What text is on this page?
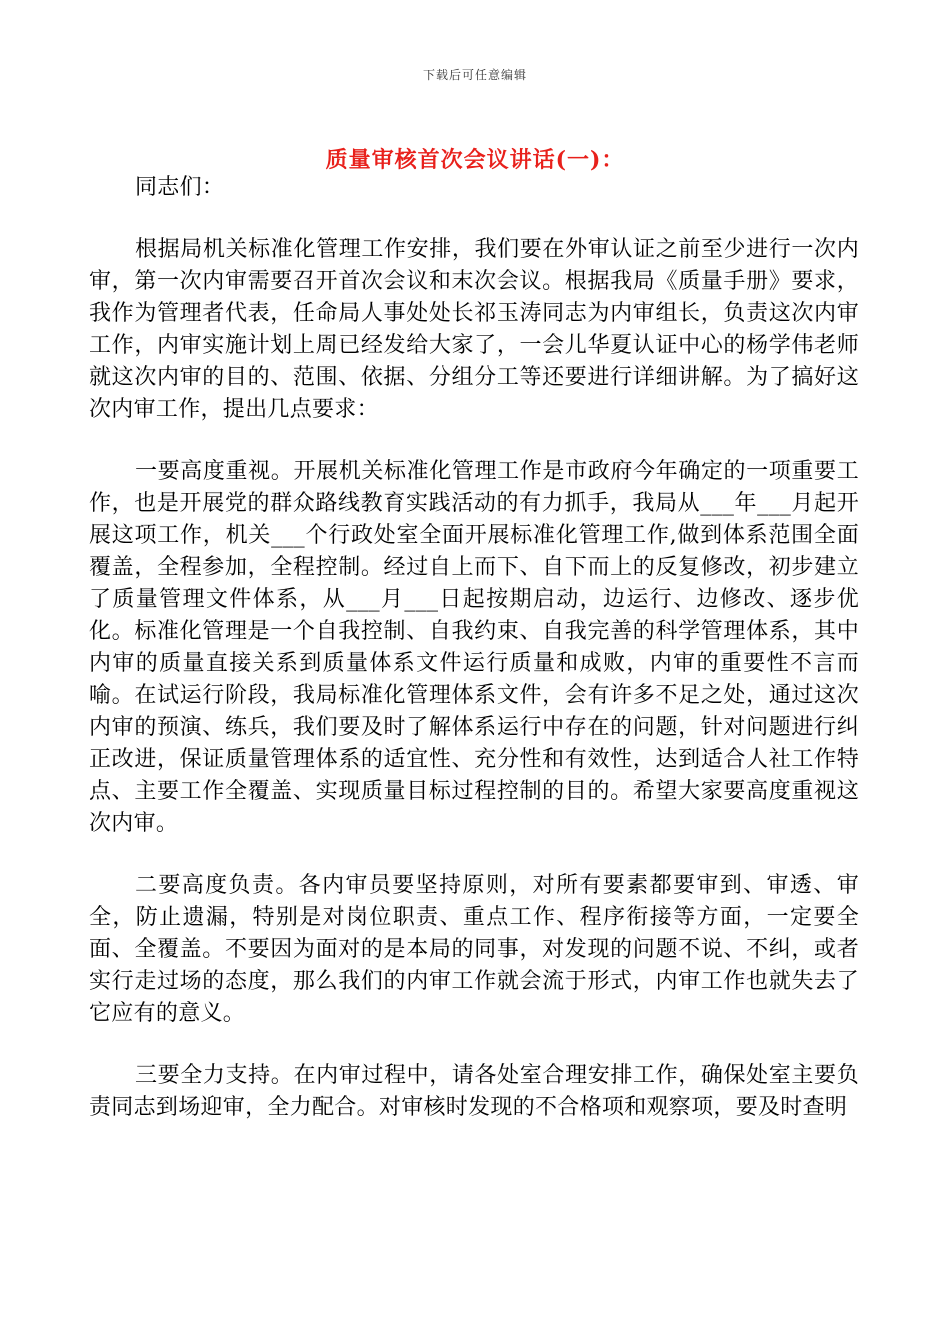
下载后可任意编辑
质量审核首次会议讲话(一)：

同志们：

根据局机关标准化管理工作安排，我们要在外审认证之前至少进行一次内审，第一次内审需要召开首次会议和末次会议。根据我局《质量手册》要求，我作为管理者代表，任命局人事处处长祁玉涛同志为内审组长，负责这次内审工作，内审实施计划上周已经发给大家了，一会儿华夏认证中心的杨学伟老师就这次内审的目的、范围、依据、分组分工等还要进行详细讲解。为了搞好这次内审工作，提出几点要求：

一要高度重视。开展机关标准化管理工作是市政府今年确定的一项重要工作，也是开展党的群众路线教育实践活动的有力抓手，我局从___年___月起开展这项工作，机关___个行政处室全面开展标准化管理工作,做到体系范围全面覆盖，全程参加，全程控制。经过自上而下、自下而上的反复修改，初步建立了质量管理文件体系，从___月___日起按期启动，边运行、边修改、逐步优化。标准化管理是一个自我控制、自我约束、自我完善的科学管理体系，其中内审的质量直接关系到质量体系文件运行质量和成败，内审的重要性不言而喻。在试运行阶段，我局标准化管理体系文件，会有许多不足之处，通过这次内审的预演、练兵，我们要及时了解体系运行中存在的问题，针对问题进行纠正改进，保证质量管理体系的适宜性、充分性和有效性，达到适合人社工作特点、主要工作全覆盖、实现质量目标过程控制的目的。希望大家要高度重视这次内审。

二要高度负责。各内审员要坚持原则，对所有要素都要审到、审透、审全，防止遗漏，特别是对岗位职责、重点工作、程序衔接等方面，一定要全面、全覆盖。不要因为面对的是本局的同事，对发现的问题不说、不纠，或者实行走过场的态度，那么我们的内审工作就会流于形式，内审工作也就失去了它应有的意义。

三要全力支持。在内审过程中，请各处室合理安排工作，确保处室主要负责同志到场迎审，全力配合。对审核时发现的不合格项和观察项，要及时查明
